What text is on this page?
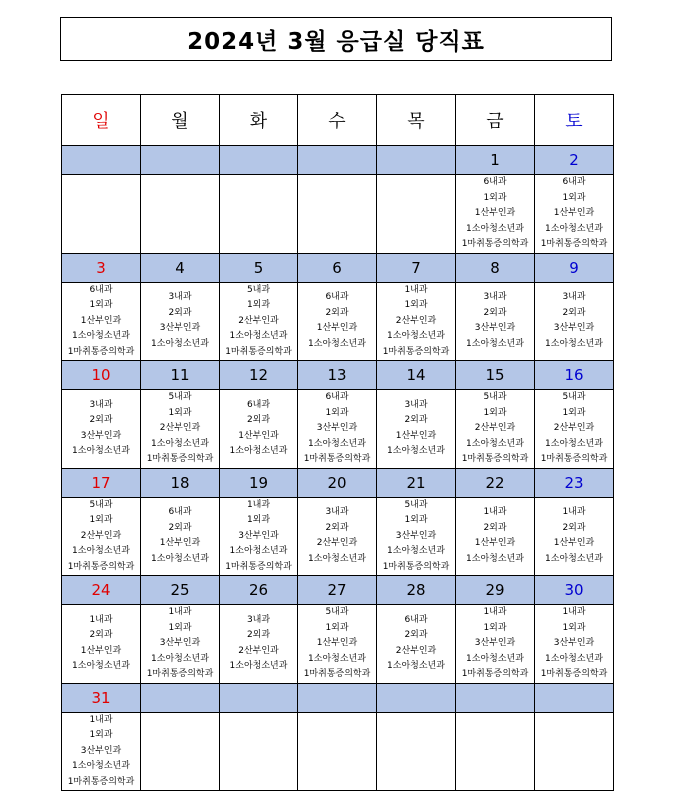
2024년 3월 응급실 당직표
일	월	화	수	목	금	토
					1	2

					6내과
1외과
1산부인과
1소아청소년과
1마취통증의학과	6내과
1외과
1산부인과
1소아청소년과
1마취통증의학과

3	4	5	6	7	8	9

6내과
1외과
1산부인과
1소아청소년과
1마취통증의학과	3내과
2외과
3산부인과
1소아청소년과	5내과
1외과
2산부인과
1소아청소년과
1마취통증의학과	6내과
2외과
1산부인과
1소아청소년과	1내과
1외과
2산부인과
1소아청소년과
1마취통증의학과	3내과
2외과
3산부인과
1소아청소년과	3내과
2외과
3산부인과
1소아청소년과

10	11	12	13	14	15	16

3내과
2외과
3산부인과
1소아청소년과	5내과
1외과
2산부인과
1소아청소년과
1마취통증의학과	6내과
2외과
1산부인과
1소아청소년과	6내과
1외과
3산부인과
1소아청소년과
1마취통증의학과	3내과
2외과
1산부인과
1소아청소년과	5내과
1외과
2산부인과
1소아청소년과
1마취통증의학과	5내과
1외과
2산부인과
1소아청소년과
1마취통증의학과

17	18	19	20	21	22	23

5내과
1외과
2산부인과
1소아청소년과
1마취통증의학과	6내과
2외과
1산부인과
1소아청소년과	1내과
1외과
3산부인과
1소아청소년과
1마취통증의학과	3내과
2외과
2산부인과
1소아청소년과	5내과
1외과
3산부인과
1소아청소년과
1마취통증의학과	1내과
2외과
1산부인과
1소아청소년과	1내과
2외과
1산부인과
1소아청소년과

24	25	26	27	28	29	30

1내과
2외과
1산부인과
1소아청소년과	1내과
1외과
3산부인과
1소아청소년과
1마취통증의학과	3내과
2외과
2산부인과
1소아청소년과	5내과
1외과
1산부인과
1소아청소년과
1마취통증의학과	6내과
2외과
2산부인과
1소아청소년과	1내과
1외과
3산부인과
1소아청소년과
1마취통증의학과	1내과
1외과
3산부인과
1소아청소년과
1마취통증의학과

31						

1내과
1외과
3산부인과
1소아청소년과
1마취통증의학과						
